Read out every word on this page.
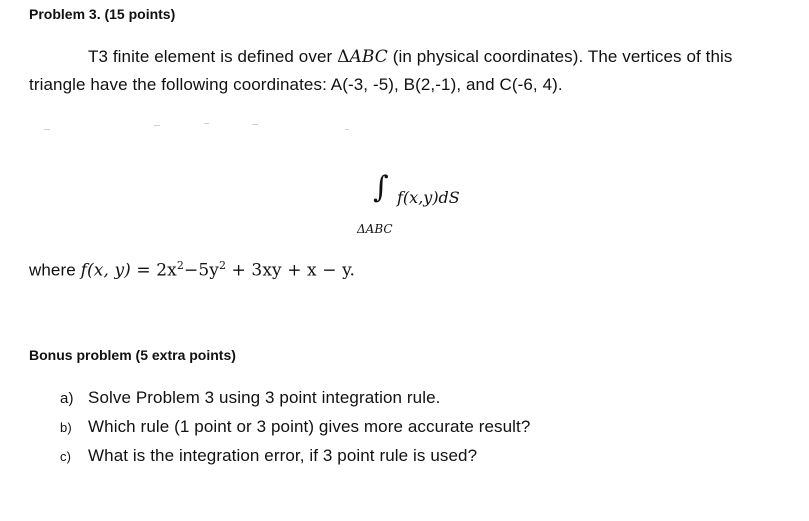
Problem 3. (15 points)
T3 finite element is defined over ΔABC (in physical coordinates). The vertices of this
triangle have the following coordinates: A(-3, -5), B(2,-1), and C(-6, 4).
∫ f(x,y)dS
ΔABC
where f(x, $y) = 2x^2-5y^2 + 3xy + x - y$.
Bonus problem (5 extra points)
a) Solve Problem 3 using 3 point integration rule.
b) Which rule (1 point or 3 point) gives more accurate result?
c) What is the integration error, if 3 point rule is used?
